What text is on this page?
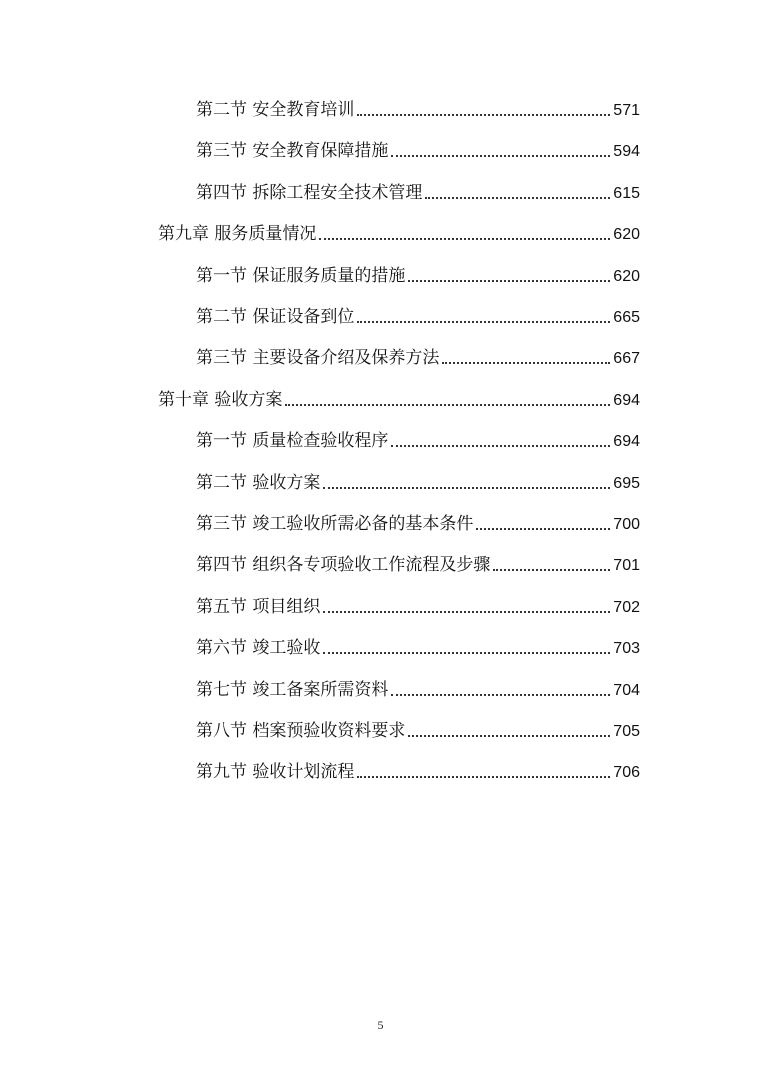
第二节 安全教育培训	571
第三节 安全教育保障措施	594
第四节 拆除工程安全技术管理	615
第九章 服务质量情况	620
第一节 保证服务质量的措施	620
第二节 保证设备到位	665
第三节 主要设备介绍及保养方法	667
第十章 验收方案	694
第一节 质量检查验收程序	694
第二节 验收方案	695
第三节 竣工验收所需必备的基本条件	700
第四节 组织各专项验收工作流程及步骤	701
第五节 项目组织	702
第六节 竣工验收	703
第七节 竣工备案所需资料	704
第八节 档案预验收资料要求	705
第九节 验收计划流程	706
5
